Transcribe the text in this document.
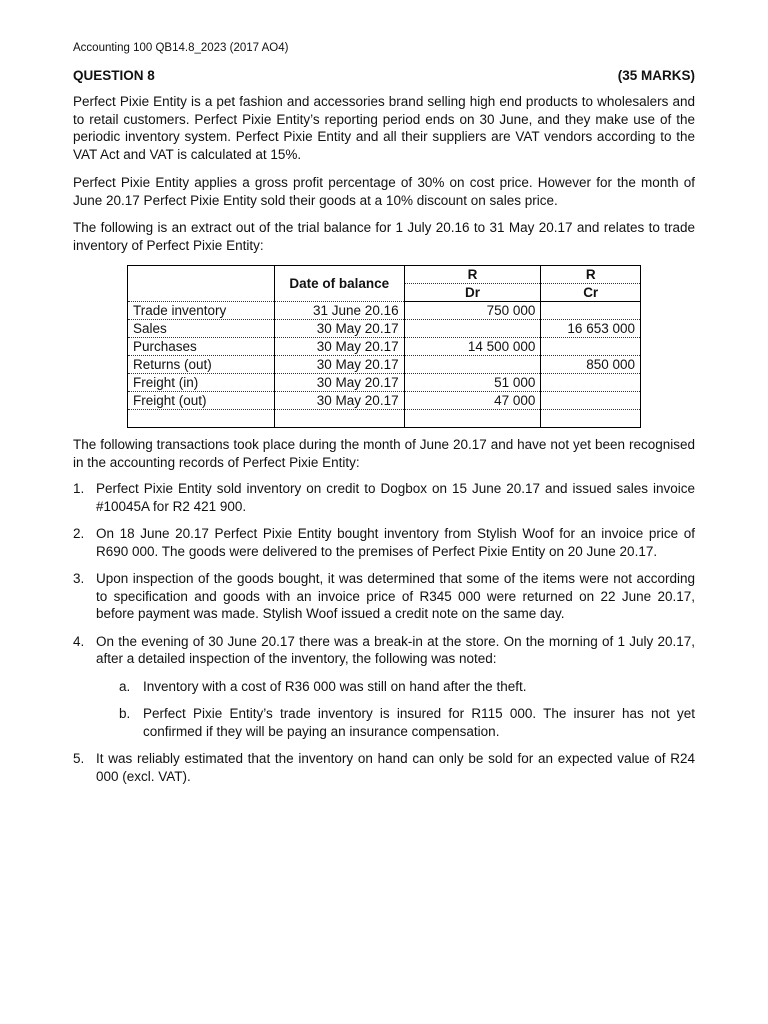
Accounting 100 QB14.8_2023 (2017 AO4)
QUESTION 8	(35 MARKS)

Perfect Pixie Entity is a pet fashion and accessories brand selling high end products to wholesalers and to retail customers. Perfect Pixie Entity’s reporting period ends on 30 June, and they make use of the periodic inventory system. Perfect Pixie Entity and all their suppliers are VAT vendors according to the VAT Act and VAT is calculated at 15%.

Perfect Pixie Entity applies a gross profit percentage of 30% on cost price. However for the month of June 20.17 Perfect Pixie Entity sold their goods at a 10% discount on sales price.

The following is an extract out of the trial balance for 1 July 20.16 to 31 May 20.17 and relates to trade inventory of Perfect Pixie Entity:

	Date of balance	R	R
		Dr	Cr
Trade inventory	31 June 20.16	750 000	
Sales	30 May 20.17		16 653 000
Purchases	30 May 20.17	14 500 000	
Returns (out)	30 May 20.17		850 000
Freight (in)	30 May 20.17	51 000	
Freight (out)	30 May 20.17	47 000	

The following transactions took place during the month of June 20.17 and have not yet been recognised in the accounting records of Perfect Pixie Entity:

1. Perfect Pixie Entity sold inventory on credit to Dogbox on 15 June 20.17 and issued sales invoice #10045A for R2 421 900.
2. On 18 June 20.17 Perfect Pixie Entity bought inventory from Stylish Woof for an invoice price of R690 000. The goods were delivered to the premises of Perfect Pixie Entity on 20 June 20.17.
3. Upon inspection of the goods bought, it was determined that some of the items were not according to specification and goods with an invoice price of R345 000 were returned on 22 June 20.17, before payment was made. Stylish Woof issued a credit note on the same day.
4. On the evening of 30 June 20.17 there was a break-in at the store. On the morning of 1 July 20.17, after a detailed inspection of the inventory, the following was noted:
a. Inventory with a cost of R36 000 was still on hand after the theft.
b. Perfect Pixie Entity’s trade inventory is insured for R115 000. The insurer has not yet confirmed if they will be paying an insurance compensation.
5. It was reliably estimated that the inventory on hand can only be sold for an expected value of R24 000 (excl. VAT).
